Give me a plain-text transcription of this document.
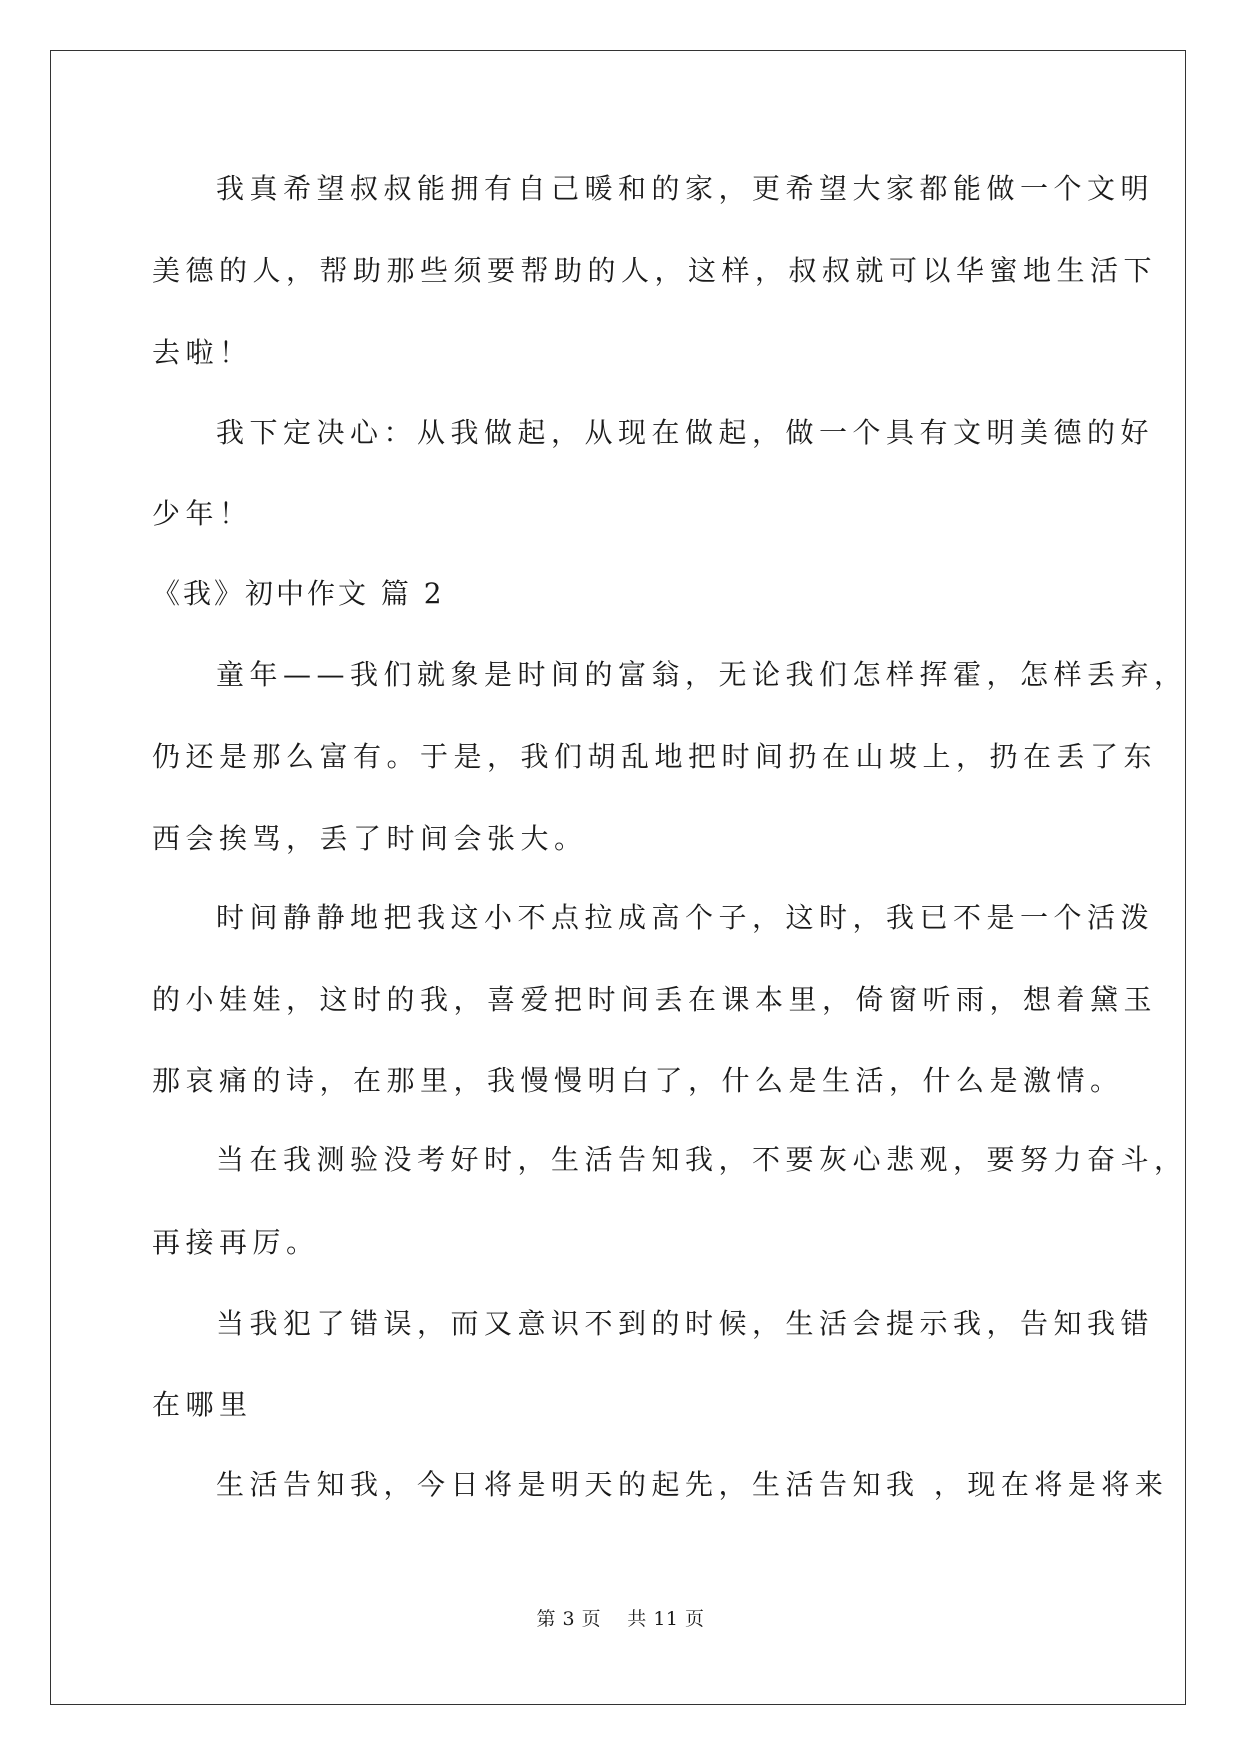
我真希望叔叔能拥有自己暖和的家，更希望大家都能做一个文明
美德的人，帮助那些须要帮助的人，这样，叔叔就可以华蜜地生活下
去啦！
我下定决心：从我做起，从现在做起，做一个具有文明美德的好
少年！
《我》初中作文 篇 2
童年——我们就象是时间的富翁，无论我们怎样挥霍，怎样丢弃，
仍还是那么富有。于是，我们胡乱地把时间扔在山坡上，扔在丢了东
西会挨骂，丢了时间会张大。
时间静静地把我这小不点拉成高个子，这时，我已不是一个活泼
的小娃娃，这时的我，喜爱把时间丢在课本里，倚窗听雨，想着黛玉
那哀痛的诗，在那里，我慢慢明白了，什么是生活，什么是激情。
当在我测验没考好时，生活告知我，不要灰心悲观，要努力奋斗，
再接再厉。
当我犯了错误，而又意识不到的时候，生活会提示我，告知我错
在哪里
生活告知我，今日将是明天的起先，生活告知我 ，现在将是将来
第 3 页    共 11 页
